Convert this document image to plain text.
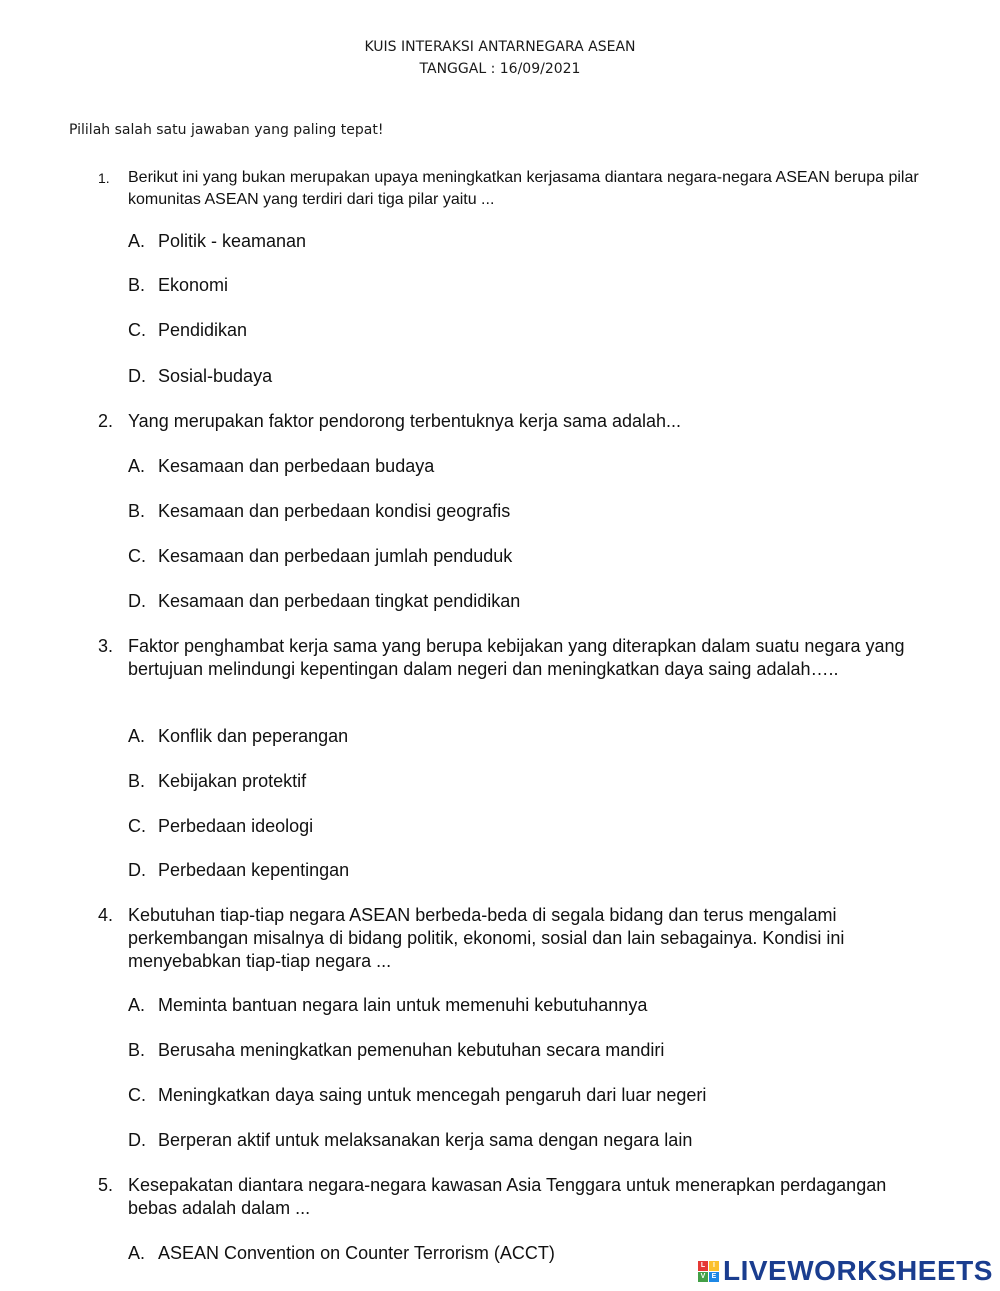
KUIS INTERAKSI ANTARNEGARA ASEAN
TANGGAL : 16/09/2021
Pililah salah satu jawaban yang paling tepat!
1. Berikut ini yang bukan merupakan upaya meningkatkan kerjasama diantara negara-negara ASEAN berupa pilar komunitas ASEAN yang terdiri dari tiga pilar yaitu ...
A. Politik - keamanan
B. Ekonomi
C. Pendidikan
D. Sosial-budaya
2. Yang merupakan faktor pendorong terbentuknya kerja sama adalah...
A. Kesamaan dan perbedaan budaya
B. Kesamaan dan perbedaan kondisi geografis
C. Kesamaan dan perbedaan jumlah penduduk
D. Kesamaan dan perbedaan tingkat pendidikan
3. Faktor penghambat kerja sama yang berupa kebijakan yang diterapkan dalam suatu negara yang bertujuan melindungi kepentingan dalam negeri dan meningkatkan daya saing adalah…..
A. Konflik dan peperangan
B. Kebijakan protektif
C. Perbedaan ideologi
D. Perbedaan kepentingan
4. Kebutuhan tiap-tiap negara ASEAN berbeda-beda di segala bidang dan terus mengalami perkembangan misalnya di bidang politik, ekonomi, sosial dan lain sebagainya. Kondisi ini menyebabkan tiap-tiap negara ...
A. Meminta bantuan negara lain untuk memenuhi kebutuhannya
B. Berusaha meningkatkan pemenuhan kebutuhan secara mandiri
C. Meningkatkan daya saing untuk mencegah pengaruh dari luar negeri
D. Berperan aktif untuk melaksanakan kerja sama dengan negara lain
5. Kesepakatan diantara negara-negara kawasan Asia Tenggara untuk menerapkan perdagangan bebas adalah dalam ...
A. ASEAN Convention on Counter Terrorism (ACCT)
L	I
V E LIVEWORKSHEETS
